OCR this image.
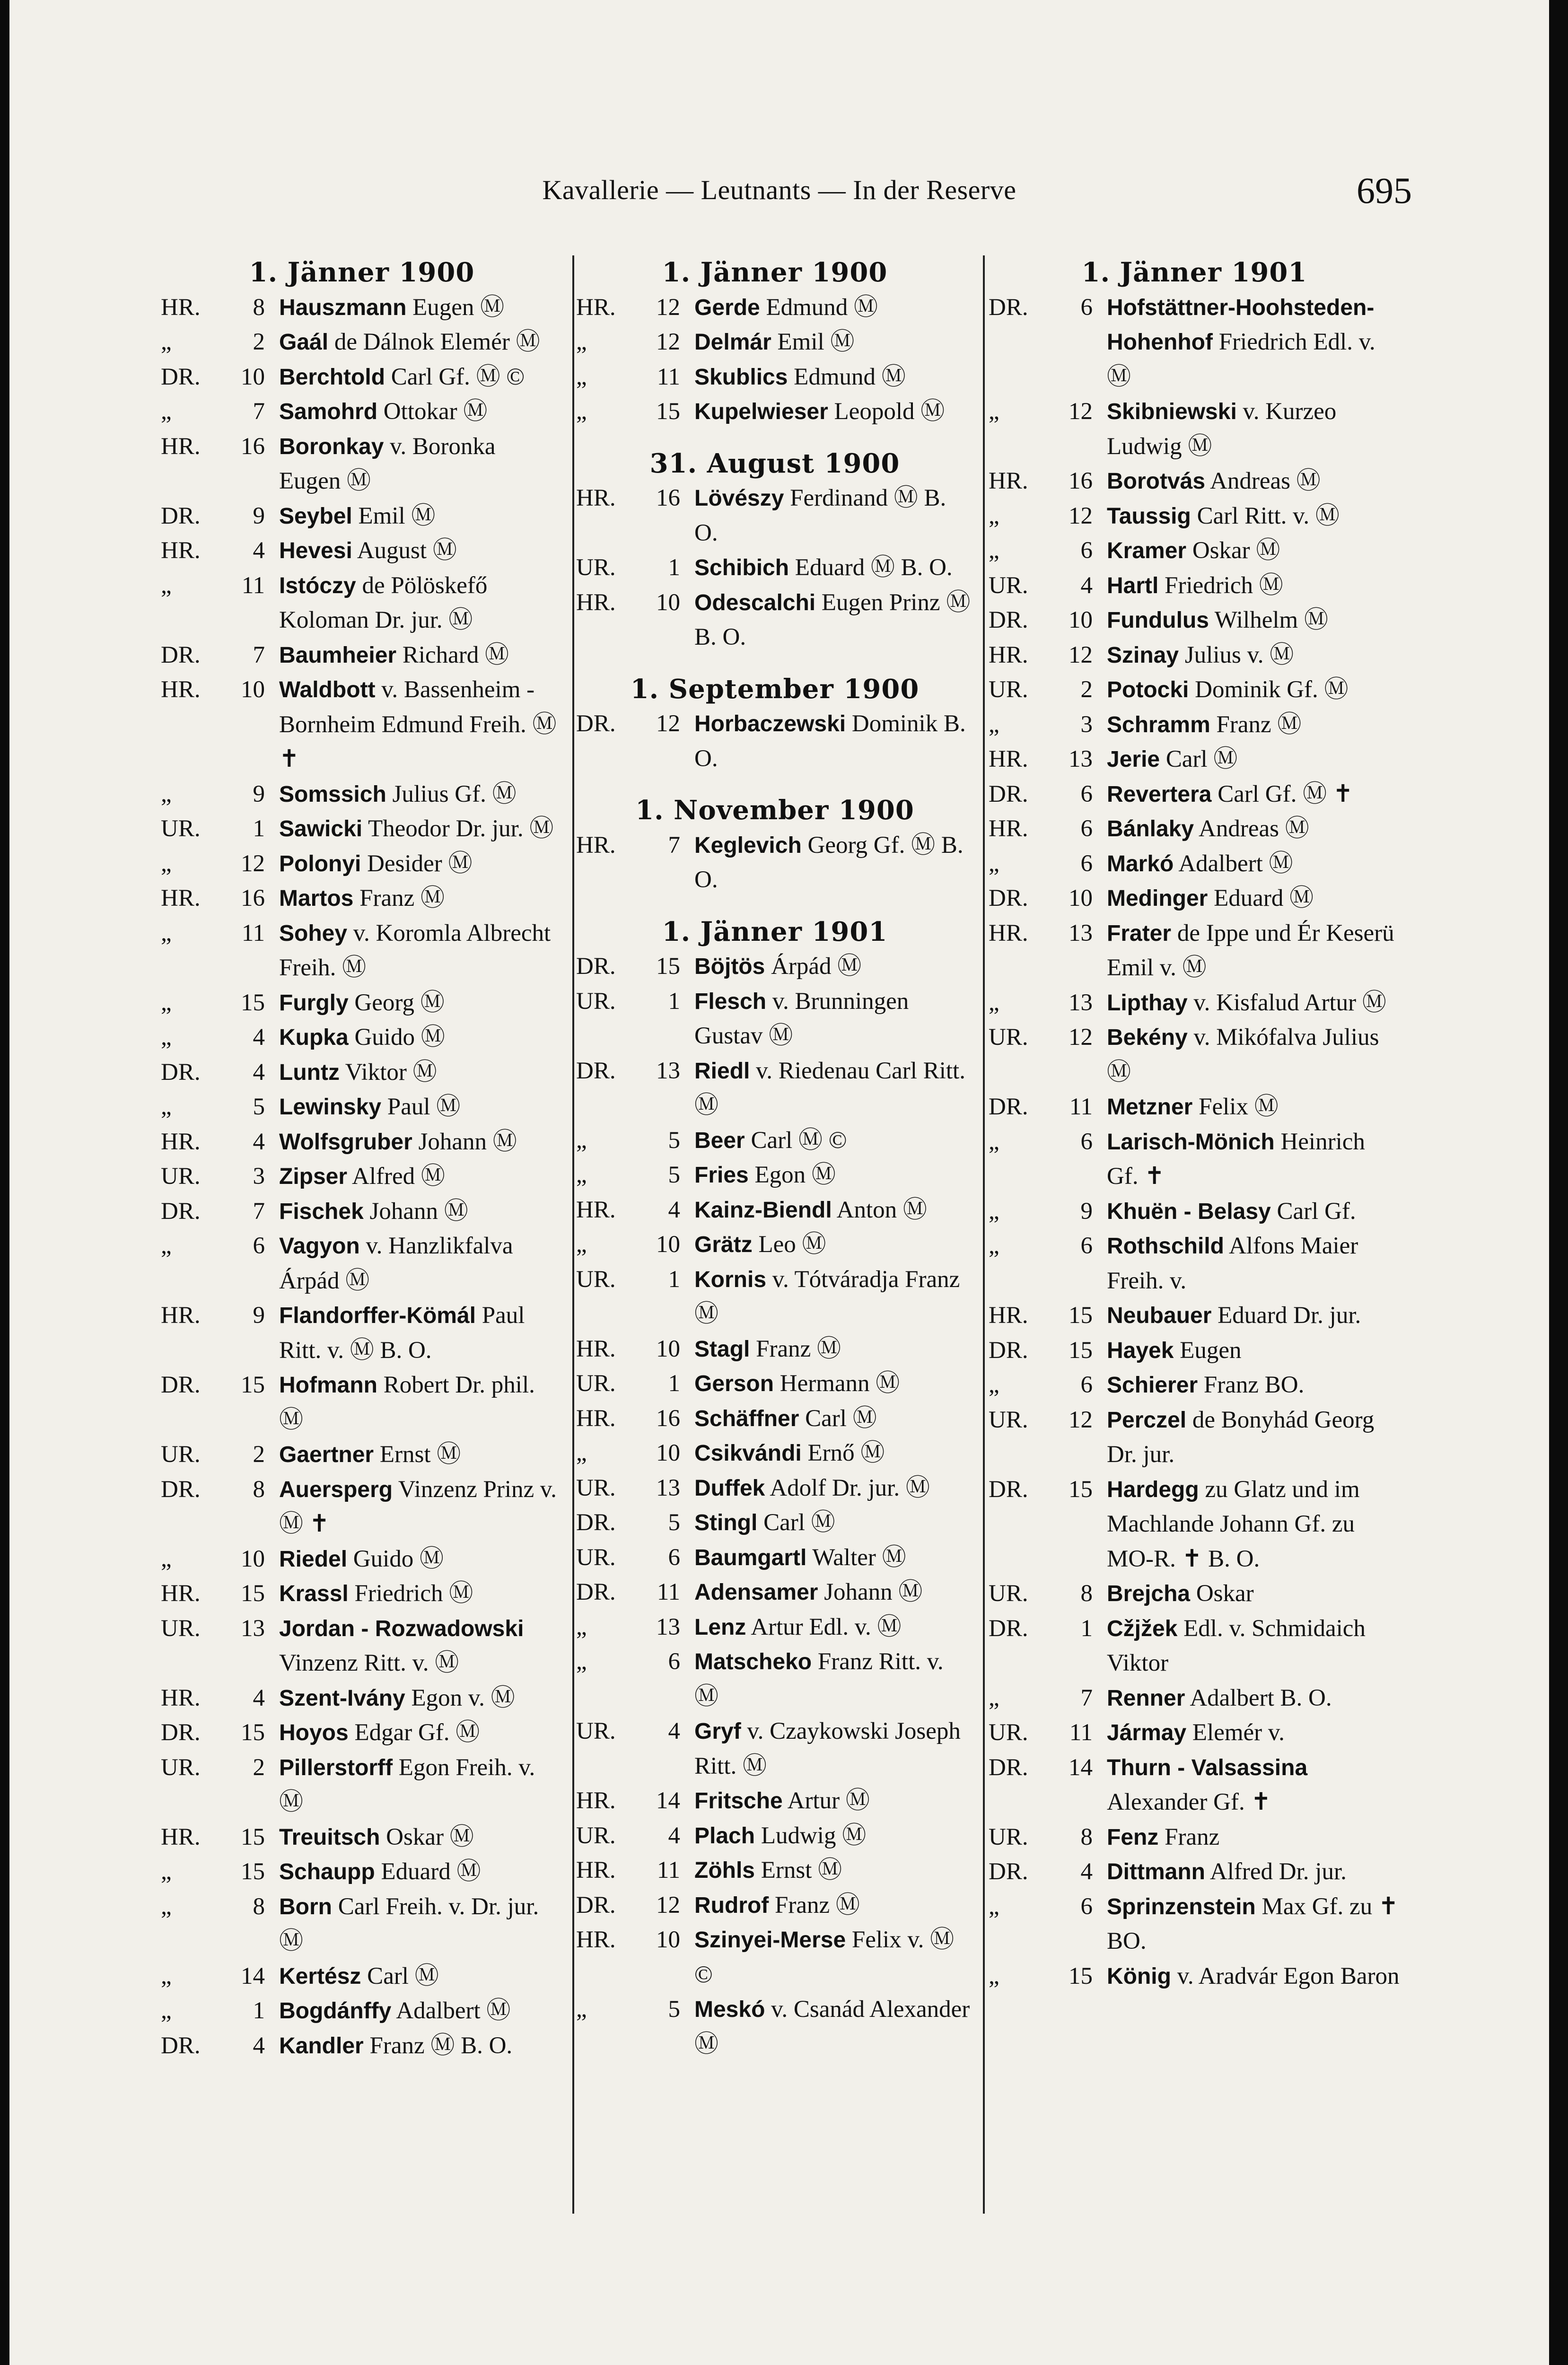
Kavallerie — Leutnants — In der Reserve	695
1. Jänner 1900
HR.	8 Hauszmann Eugen Ⓜ
„	2 Gaál de Dálnok Elemér Ⓜ
DR.	10 Berchtold Carl Gf. Ⓜ ©
„	7 Samohrd Ottokar Ⓜ
HR.	16 Boronkay v. Boronka Eugen Ⓜ
DR.	9 Seybel Emil Ⓜ
HR.	4 Hevesi August Ⓜ
„	11 Istóczy de Pölöskefő Koloman Dr. jur. Ⓜ
DR.	7 Baumheier Richard Ⓜ
HR.	10 Waldbott v. Bassenheim - Bornheim Edmund Freih. Ⓜ ✝
„	9 Somssich Julius Gf. Ⓜ
UR.	1 Sawicki Theodor Dr. jur. Ⓜ
„	12 Polonyi Desider Ⓜ
HR.	16 Martos Franz Ⓜ
„	11 Sohey v. Koromla Albrecht Freih. Ⓜ
„	15 Furgly Georg Ⓜ
„	4 Kupka Guido Ⓜ
DR.	4 Luntz Viktor Ⓜ
„	5 Lewinsky Paul Ⓜ
HR.	4 Wolfsgruber Johann Ⓜ
UR.	3 Zipser Alfred Ⓜ
DR.	7 Fischek Johann Ⓜ
„	6 Vagyon v. Hanzlikfalva Árpád Ⓜ
HR.	9 Flandorffer-Kömál Paul Ritt. v. Ⓜ B. O.
DR.	15 Hofmann Robert Dr. phil. Ⓜ
UR.	2 Gaertner Ernst Ⓜ
DR.	8 Auersperg Vinzenz Prinz v. Ⓜ ✝
„	10 Riedel Guido Ⓜ
HR.	15 Krassl Friedrich Ⓜ
UR.	13 Jordan - Rozwadowski Vinzenz Ritt. v. Ⓜ
HR.	4 Szent-Ivány Egon v. Ⓜ
DR.	15 Hoyos Edgar Gf. Ⓜ
UR.	2 Pillerstorff Egon Freih. v. Ⓜ
HR.	15 Treuitsch Oskar Ⓜ
„	15 Schaupp Eduard Ⓜ
„	8 Born Carl Freih. v. Dr. jur. Ⓜ
„	14 Kertész Carl Ⓜ
„	1 Bogdánffy Adalbert Ⓜ
DR.	4 Kandler Franz Ⓜ B. O.
1. Jänner 1900
HR.	12 Gerde Edmund Ⓜ
„	12 Delmár Emil Ⓜ
„	11 Skublics Edmund Ⓜ
„	15 Kupelwieser Leopold Ⓜ
31. August 1900
HR.	16 Lövészy Ferdinand Ⓜ B. O.
UR.	1 Schibich Eduard Ⓜ B. O.
HR.	10 Odescalchi Eugen Prinz Ⓜ B. O.
1. September 1900
DR.	12 Horbaczewski Dominik B. O.
1. November 1900
HR.	7 Keglevich Georg Gf. Ⓜ B. O.
1. Jänner 1901
DR.	15 Böjtös Árpád Ⓜ
UR.	1 Flesch v. Brunningen Gustav Ⓜ
DR.	13 Riedl v. Riedenau Carl Ritt. Ⓜ
„	5 Beer Carl Ⓜ ©
„	5 Fries Egon Ⓜ
HR.	4 Kainz-Biendl Anton Ⓜ
„	10 Grätz Leo Ⓜ
UR.	1 Kornis v. Tótváradja Franz Ⓜ
HR.	10 Stagl Franz Ⓜ
UR.	1 Gerson Hermann Ⓜ
HR.	16 Schäffner Carl Ⓜ
„	10 Csikvándi Ernő Ⓜ
UR.	13 Duffek Adolf Dr. jur. Ⓜ
DR.	5 Stingl Carl Ⓜ
UR.	6 Baumgartl Walter Ⓜ
DR.	11 Adensamer Johann Ⓜ
„	13 Lenz Artur Edl. v. Ⓜ
„	6 Matscheko Franz Ritt. v. Ⓜ
UR.	4 Gryf v. Czaykowski Joseph Ritt. Ⓜ
HR.	14 Fritsche Artur Ⓜ
UR.	4 Plach Ludwig Ⓜ
HR.	11 Zöhls Ernst Ⓜ
DR.	12 Rudrof Franz Ⓜ
HR.	10 Szinyei-Merse Felix v. Ⓜ ©
„	5 Meskó v. Csanád Alexander Ⓜ
1. Jänner 1901
DR.	6 Hofstättner-Hoohsteden-Hohenhof Friedrich Edl. v. Ⓜ
„	12 Skibniewski v. Kurzeo Ludwig Ⓜ
HR.	16 Borotvás Andreas Ⓜ
„	12 Taussig Carl Ritt. v. Ⓜ
„	6 Kramer Oskar Ⓜ
UR.	4 Hartl Friedrich Ⓜ
DR.	10 Fundulus Wilhelm Ⓜ
HR.	12 Szinay Julius v. Ⓜ
UR.	2 Potocki Dominik Gf. Ⓜ
„	3 Schramm Franz Ⓜ
HR.	13 Jerie Carl Ⓜ
DR.	6 Revertera Carl Gf. Ⓜ ✝
HR.	6 Bánlaky Andreas Ⓜ
„	6 Markó Adalbert Ⓜ
DR.	10 Medinger Eduard Ⓜ
HR.	13 Frater de Ippe und Ér Keserü Emil v. Ⓜ
„	13 Lipthay v. Kisfalud Artur Ⓜ
UR.	12 Bekény v. Mikófalva Julius Ⓜ
DR.	11 Metzner Felix Ⓜ
„	6 Larisch-Mönich Heinrich Gf. ✝
„	9 Khuën - Belasy Carl Gf.
„	6 Rothschild Alfons Maier Freih. v.
HR.	15 Neubauer Eduard Dr. jur.
DR.	15 Hayek Eugen
„	6 Schierer Franz BO.
UR.	12 Perczel de Bonyhád Georg Dr. jur.
DR.	15 Hardegg zu Glatz und im Machlande Johann Gf. zu MO-R. ✝ B. O.
UR.	8 Brejcha Oskar
DR.	1 Cžjžek Edl. v. Schmidaich Viktor
„	7 Renner Adalbert B. O.
UR.	11 Jármay Elemér v.
DR.	14 Thurn - Valsassina Alexander Gf. ✝
UR.	8 Fenz Franz
DR.	4 Dittmann Alfred Dr. jur.
„	6 Sprinzenstein Max Gf. zu ✝ BO.
„	15 König v. Aradvár Egon Baron
